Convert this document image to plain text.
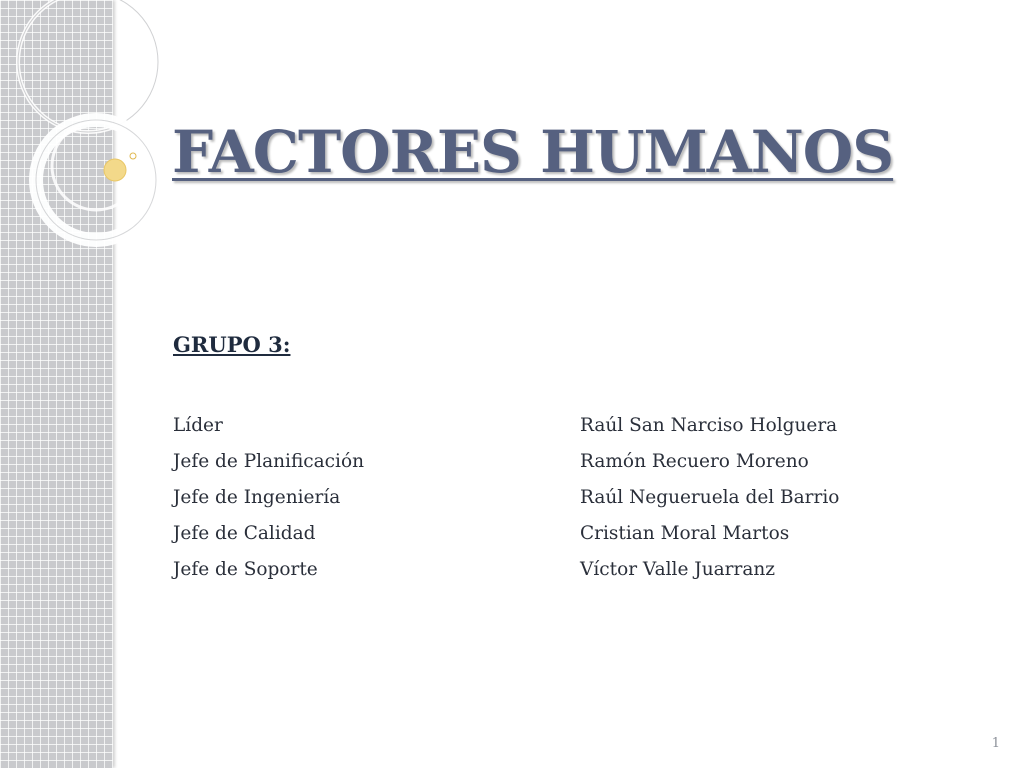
FACTORES HUMANOS
GRUPO 3:
Líder	Raúl San Narciso Holguera
Jefe de Planificación	Ramón Recuero Moreno
Jefe de Ingeniería	Raúl Negueruela del Barrio
Jefe de Calidad	Cristian Moral Martos
Jefe de Soporte	Víctor Valle Juarranz
1
